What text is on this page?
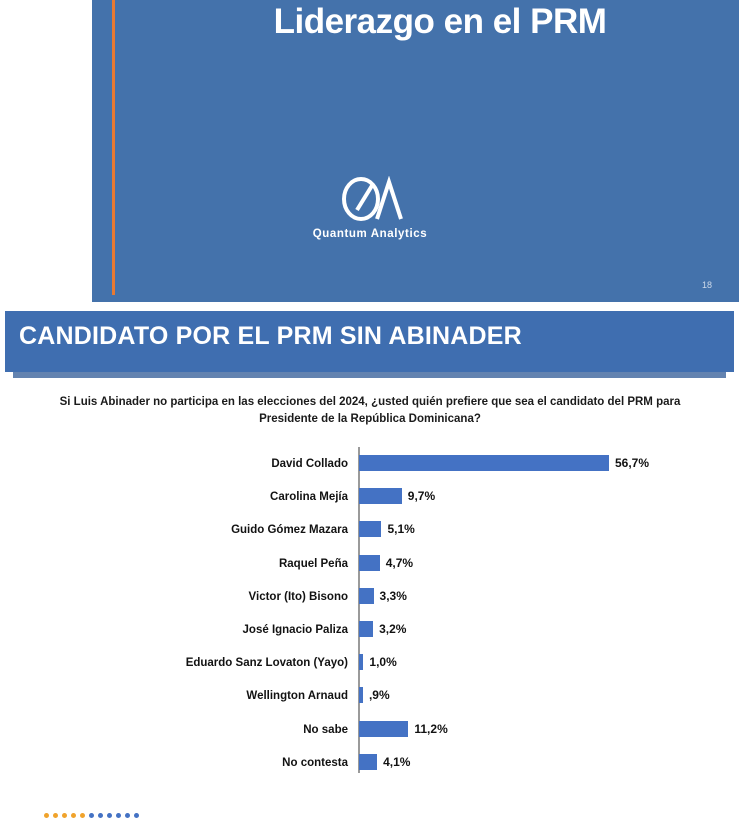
Liderazgo en el PRM
Quantum Analytics
18
CANDIDATO POR EL PRM SIN ABINADER
Si Luis Abinader no participa en las elecciones del 2024, ¿usted quién prefiere que sea el candidato del PRM para Presidente de la República Dominicana?
David Collado	56,7%
Carolina Mejía	9,7%
Guido Gómez Mazara	5,1%
Raquel Peña	4,7%
Victor (Ito) Bisono	3,3%
José Ignacio Paliza	3,2%
Eduardo Sanz Lovaton (Yayo) 1,0%
Wellington Arnaud ,9%
No sabe	11,2%
No contesta	4,1%
